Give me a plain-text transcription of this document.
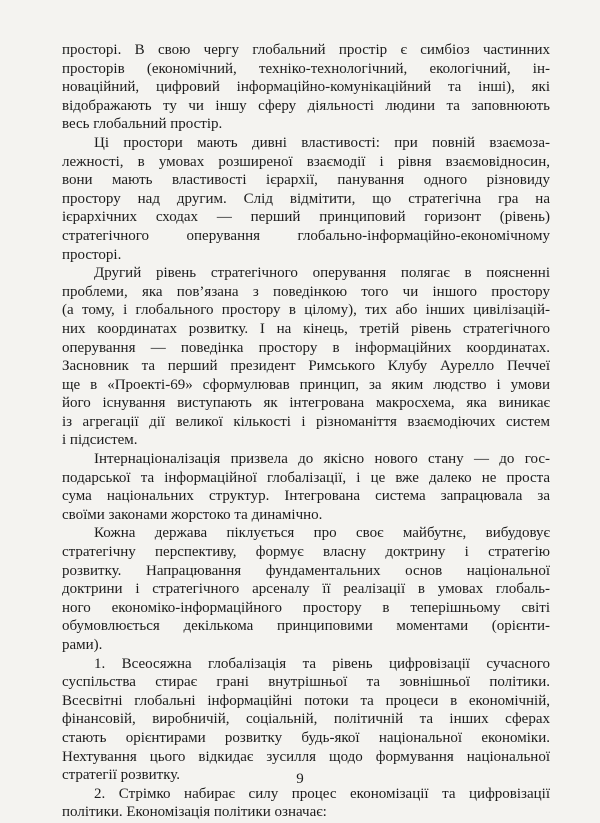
просторі. В свою чергу глобальний простір є симбіоз частинних
просторів (економічний, техніко-технологічний, екологічний, ін-
новаційний, цифровий інформаційно-комунікаційний та інші), які
відображають ту чи іншу сферу діяльності людини та заповнюють
весь глобальний простір.
Ці простори мають дивні властивості: при повній взаємоза-
лежності, в умовах розширеної взаємодії і рівня взаємовідносин,
вони мають властивості ієрархії, панування одного різновиду
простору над другим. Слід відмітити, що стратегічна гра на
ієрархічних сходах — перший принциповий горизонт (рівень)
стратегічного оперування глобально-інформаційно-економічному
просторі.
Другий рівень стратегічного оперування полягає в поясненні
проблеми, яка пов’язана з поведінкою того чи іншого простору
(а тому, і глобального простору в цілому), тих або інших цивілізацій-
них координатах розвитку. І на кінець, третій рівень стратегічного
оперування — поведінка простору в інформаційних координатах.
Засновник та перший президент Римського Клубу Аурелло Печчеї
ще в «Проекті-69» сформулював принцип, за яким людство і умови
його існування виступають як інтегрована макросхема, яка виникає
із агрегації дії великої кількості і різноманіття взаємодіючих систем
і підсистем.
Інтернаціоналізація призвела до якісно нового стану — до гос-
подарської та інформаційної глобалізації, і це вже далеко не проста
сума національних структур. Інтегрована система запрацювала за
своїми законами жорстоко та динамічно.
Кожна держава піклується про своє майбутнє, вибудовує
стратегічну перспективу, формує власну доктрину і стратегію
розвитку. Напрацювання фундаментальних основ національної
доктрини і стратегічного арсеналу її реалізації в умовах глобаль-
ного економіко-інформаційного простору в теперішньому світі
обумовлюється декількома принциповими моментами (орієнти-
рами).
1. Всеосяжна глобалізація та рівень цифровізації сучасного
суспільства стирає грані внутрішньої та зовнішньої політики.
Всесвітні глобальні інформаційні потоки та процеси в економічній,
фінансовій, виробничій, соціальній, політичній та інших сферах
стають орієнтирами розвитку будь-якої національної економіки.
Нехтування цього відкидає зусилля щодо формування національної
стратегії розвитку.
2. Стрімко набирає силу процес економізації та цифровізації
політики. Економізація політики означає:
9
